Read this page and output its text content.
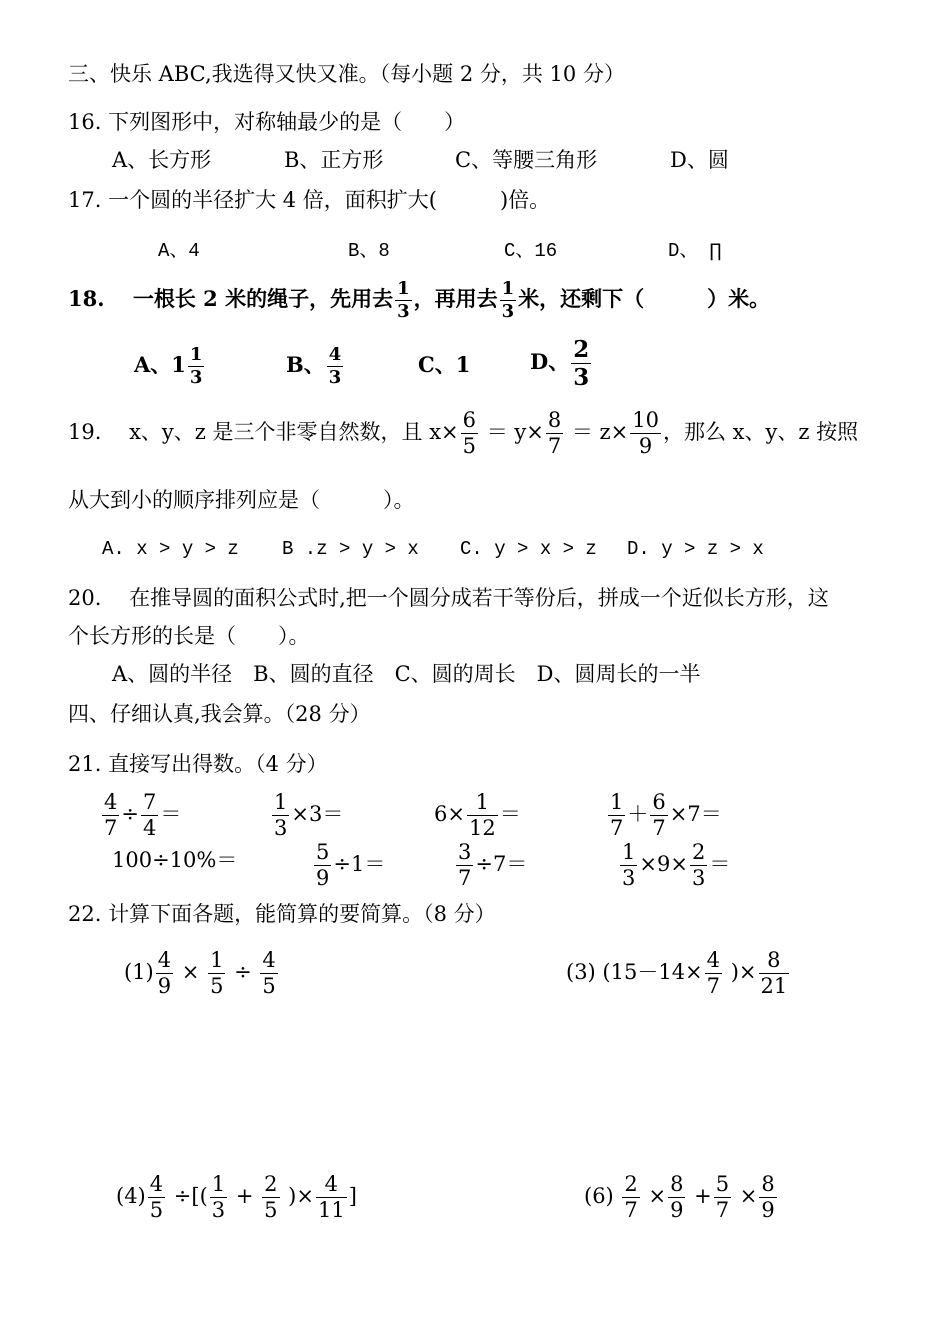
三、快乐 ABC,我选得又快又准。（每小题 2 分，共 10 分）
16. 下列图形中，对称轴最少的是（　　）
A、长方形	B、正方形	C、等腰三角形	D、圆
17. 一个圆的半径扩大 4 倍，面积扩大(　　　)倍。
A、4	B、8	C、16	D、 ∏
18.　 一根长 2 米的绳子，先用去 $\frac{1}{3}$ ，再用去 $\frac{1}{3}$ 米，还剩下（　　　）米。
A、$1 \frac{1}{3}$	B、 $\frac{4}{3}$	C、1	D、 $\frac{2}{3}$
19.　 x、y、z 是三个非零自然数，且 $x\times \frac{6}{5} = y\times \frac{8}{7} = z\times \frac{10}{9}$ ，那么 x、y、z 按照
从大到小的顺序排列应是（　　　）。
A. x > y > z B .z > y > x C. y > x > z D. y > z > x
20.　 在推导圆的面积公式时,把一个圆分成若干等份后，拼成一个近似长方形，这
个长方形的长是（　　）。
A、圆的半径　B、圆的直径　C、圆的周长　D、圆周长的一半
四、仔细认真,我会算。（28 分）
21. 直接写出得数。（4 分）
$\frac{4}{7} \div \frac{7}{4}$ ＝	$\frac{1}{3} \times 3=$	$6\times \frac{1}{12}$ ＝	$\frac{1}{7} + \frac{6}{7} \times 7=$
100÷10%＝	$\frac{5}{9} \div 1=$	$\frac{3}{7} \div 7=$	$\frac{1}{3} \times 9\times \frac{2}{3}$ ＝
22. 计算下面各题，能简算的要简算。（8 分）
$(1) \frac{4}{9} \times \frac{1}{5} \div \frac{4}{5}$	(3) ($15-14\times \frac{4}{7}$ )× $\frac{8}{21}$
$(4) \frac{4}{5}$ ÷[( $\frac{1}{3} + \frac{2}{5}$ )× $\frac{4}{11}$ ]	$(6) \frac{2}{7} \times \frac{8}{9} + \frac{5}{7} \times \frac{8}{9}$
